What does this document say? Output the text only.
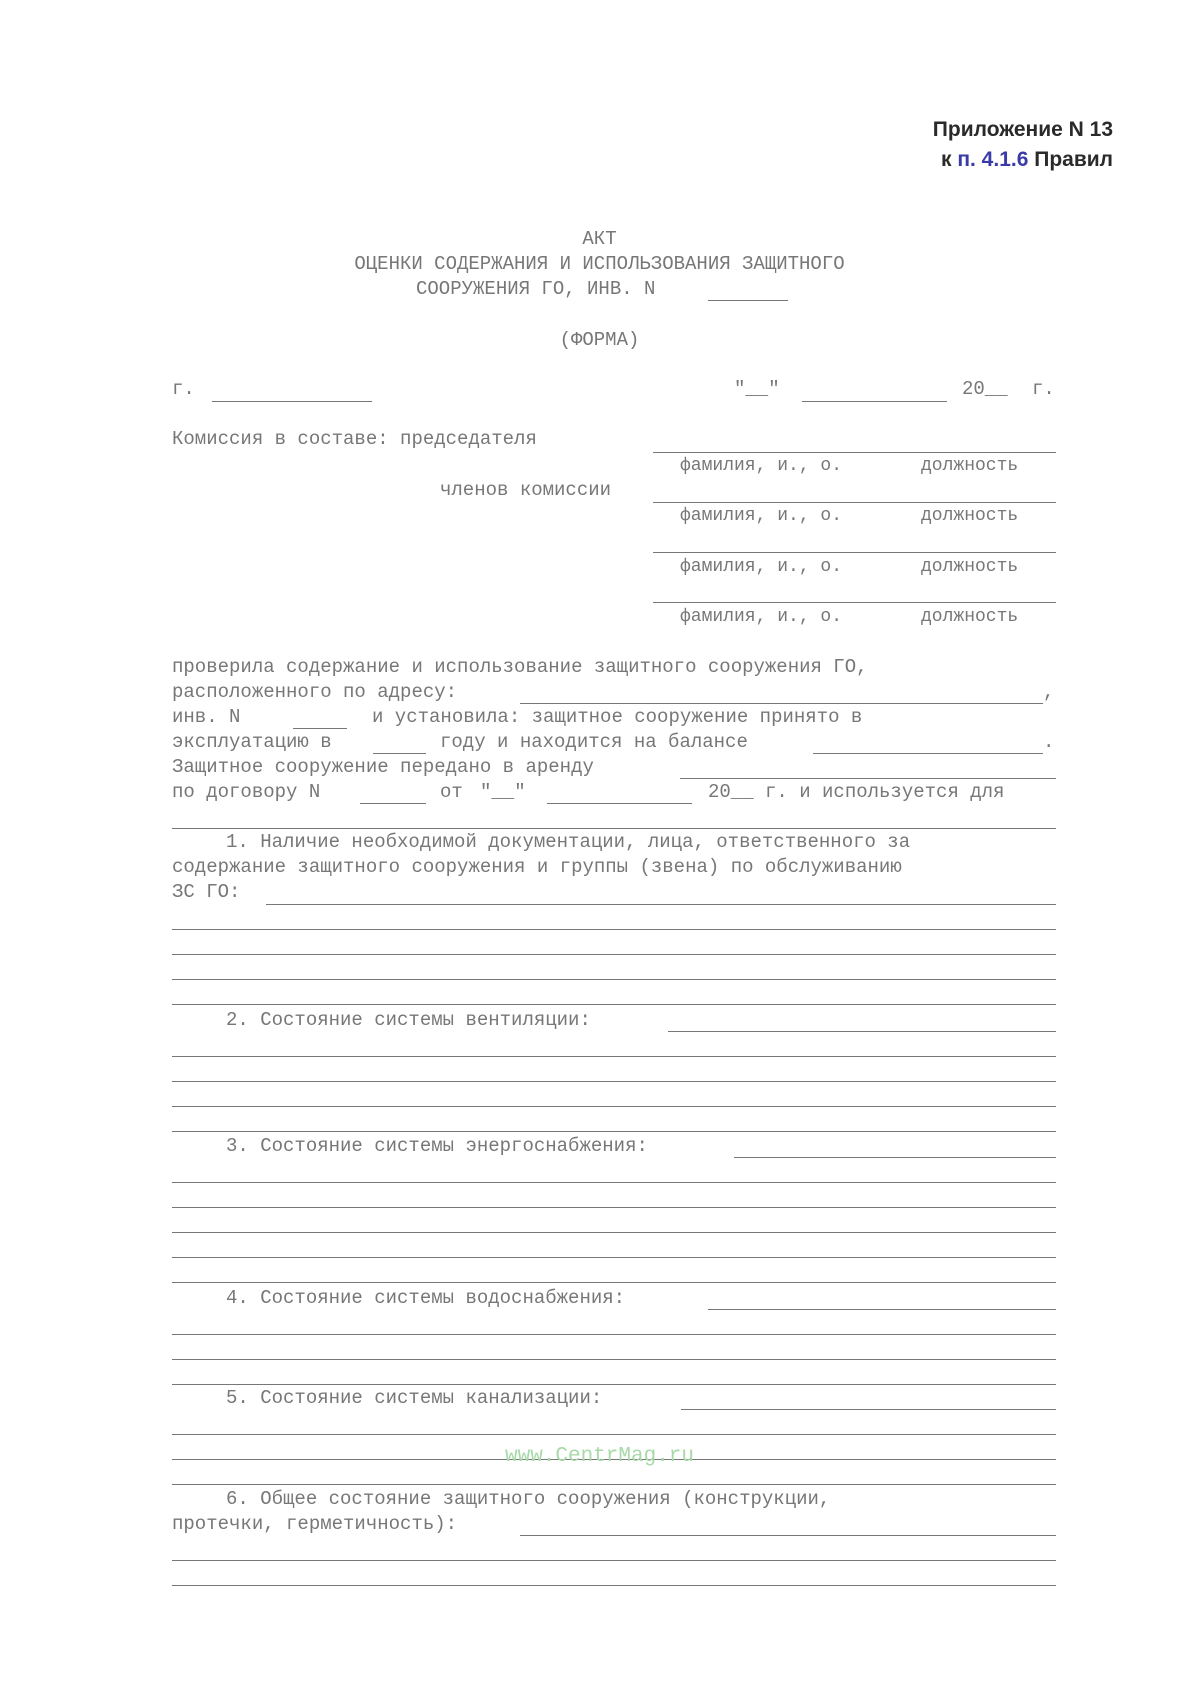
Приложение N 13
к п. 4.1.6 Правил
АКТ
ОЦЕНКИ СОДЕРЖАНИЯ И ИСПОЛЬЗОВАНИЯ ЗАЩИТНОГО
СООРУЖЕНИЯ ГО, ИНВ. N
(ФОРМА)
г.	"__"	20__ г.
Комиссия в составе: председателя
фамилия, и., о.	должность
членов комиссии
фамилия, и., о.	должность
фамилия, и., о.	должность
фамилия, и., о.	должность
проверила содержание и использование защитного сооружения ГО,
расположенного по адресу:	,
инв. N	и установила: защитное сооружение принято в
эксплуатацию в	году и находится на балансе	.
Защитное сооружение передано в аренду
по договору N	от "__"	20__ г. и используется для
1. Наличие необходимой документации, лица, ответственного за
содержание защитного сооружения и группы (звена) по обслуживанию
ЗС ГО:
2. Состояние системы вентиляции:
3. Состояние системы энергоснабжения:
4. Состояние системы водоснабжения:
5. Состояние системы канализации:
www.CentrMag.ru
6. Общее состояние защитного сооружения (конструкции,
протечки, герметичность):
